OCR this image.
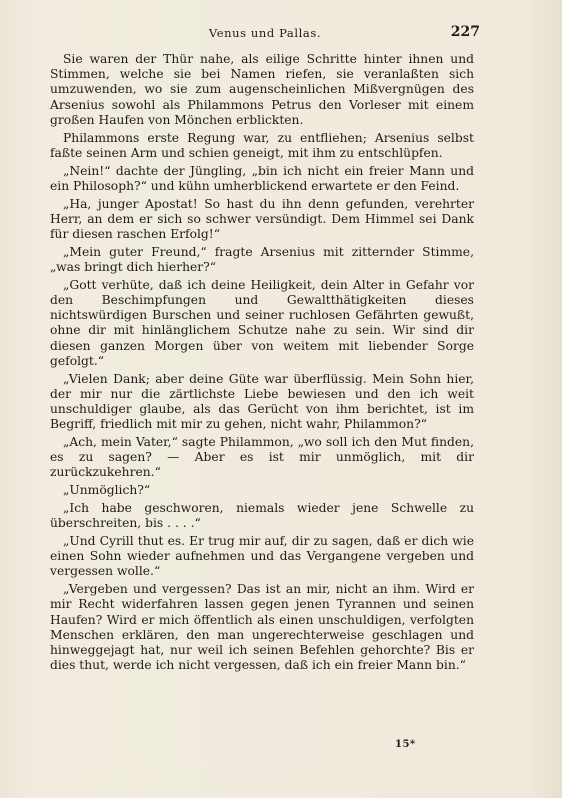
Venus und Pallas.	227

Sie waren der Thür nahe, als eilige Schritte hinter ihnen und Stimmen, welche sie bei Namen riefen, sie veranlaßten sich umzuwenden, wo sie zum augenscheinlichen Mißvergnügen des Arsenius sowohl als Philammons Petrus den Vorleser mit einem großen Haufen von Mönchen erblickten.

Philammons erste Regung war, zu entfliehen; Arsenius selbst faßte seinen Arm und schien geneigt, mit ihm zu entschlüpfen.

„Nein!“ dachte der Jüngling, „bin ich nicht ein freier Mann und ein Philosoph?“ und kühn umherblickend erwartete er den Feind.

„Ha, junger Apostat! So hast du ihn denn gefunden, verehrter Herr, an dem er sich so schwer versündigt. Dem Himmel sei Dank für diesen raschen Erfolg!“

„Mein guter Freund,“ fragte Arsenius mit zitternder Stimme, „was bringt dich hierher?“

„Gott verhüte, daß ich deine Heiligkeit, dein Alter in Gefahr vor den Beschimpfungen und Gewaltthätigkeiten dieses nichtswürdigen Burschen und seiner ruchlosen Gefährten gewußt, ohne dir mit hinlänglichem Schutze nahe zu sein. Wir sind dir diesen ganzen Morgen über von weitem mit liebender Sorge gefolgt.“

„Vielen Dank; aber deine Güte war überflüssig. Mein Sohn hier, der mir nur die zärtlichste Liebe bewiesen und den ich weit unschuldiger glaube, als das Gerücht von ihm berichtet, ist im Begriff, friedlich mit mir zu gehen, nicht wahr, Philammon?“

„Ach, mein Vater,“ sagte Philammon, „wo soll ich den Mut finden, es zu sagen? — Aber es ist mir unmöglich, mit dir zurückzukehren.“

„Unmöglich?“

„Ich habe geschworen, niemals wieder jene Schwelle zu überschreiten, bis . . . .“

„Und Cyrill thut es. Er trug mir auf, dir zu sagen, daß er dich wie einen Sohn wieder aufnehmen und das Vergangene vergeben und vergessen wolle.“

„Vergeben und vergessen? Das ist an mir, nicht an ihm. Wird er mir Recht widerfahren lassen gegen jenen Tyrannen und seinen Haufen? Wird er mich öffentlich als einen unschuldigen, verfolgten Menschen erklären, den man ungerechterweise geschlagen und hinweggejagt hat, nur weil ich seinen Befehlen gehorchte? Bis er dies thut, werde ich nicht vergessen, daß ich ein freier Mann bin.“

15*
